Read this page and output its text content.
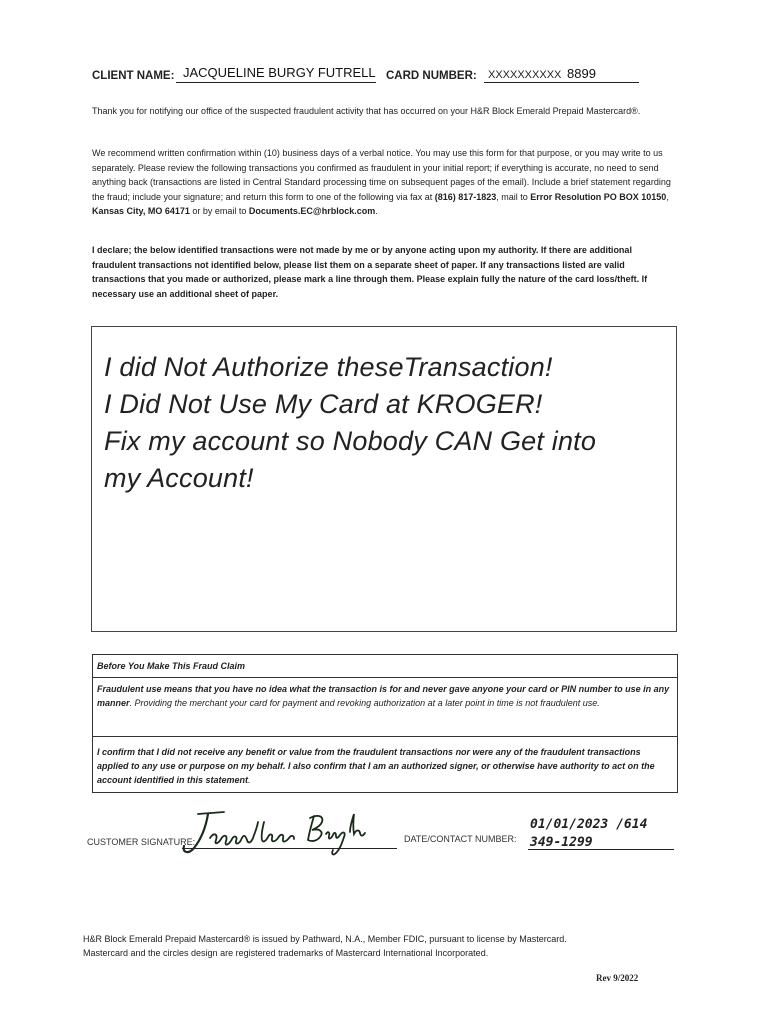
CLIENT NAME: JACQUELINE BURGY FUTRELL CARD NUMBER: XXXXXXXXXX 8899
Thank you for notifying our office of the suspected fraudulent activity that has occurred on your H&R Block Emerald Prepaid Mastercard®.
We recommend written confirmation within (10) business days of a verbal notice. You may use this form for that purpose, or you may write to us separately. Please review the following transactions you confirmed as fraudulent in your initial report; if everything is accurate, no need to send anything back (transactions are listed in Central Standard processing time on subsequent pages of the email). Include a brief statement regarding the fraud; include your signature; and return this form to one of the following via fax at (816) 817-1823, mail to Error Resolution PO BOX 10150, Kansas City, MO 64171 or by email to Documents.EC@hrblock.com.
I declare; the below identified transactions were not made by me or by anyone acting upon my authority. If there are additional fraudulent transactions not identified below, please list them on a separate sheet of paper. If any transactions listed are valid transactions that you made or authorized, please mark a line through them. Please explain fully the nature of the card loss/theft. If necessary use an additional sheet of paper.
I did Not Authorize theseTransaction!
I Did Not Use My Card at KROGER!
Fix my account so Nobody CAN Get into
my Account!
Before You Make This Fraud Claim
Fraudulent use means that you have no idea what the transaction is for and never gave anyone your card or PIN number to use in any manner. Providing the merchant your card for payment and revoking authorization at a later point in time is not fraudulent use.
I confirm that I did not receive any benefit or value from the fraudulent transactions nor were any of the fraudulent transactions applied to any use or purpose on my behalf. I also confirm that I am an authorized signer, or otherwise have authority to act on the account identified in this statement.
CUSTOMER SIGNATURE:	DATE/CONTACT NUMBER:
01/01/2023 /614
349-1299
H&R Block Emerald Prepaid Mastercard® is issued by Pathward, N.A., Member FDIC, pursuant to license by Mastercard.
Mastercard and the circles design are registered trademarks of Mastercard International Incorporated.
Rev 9/2022
